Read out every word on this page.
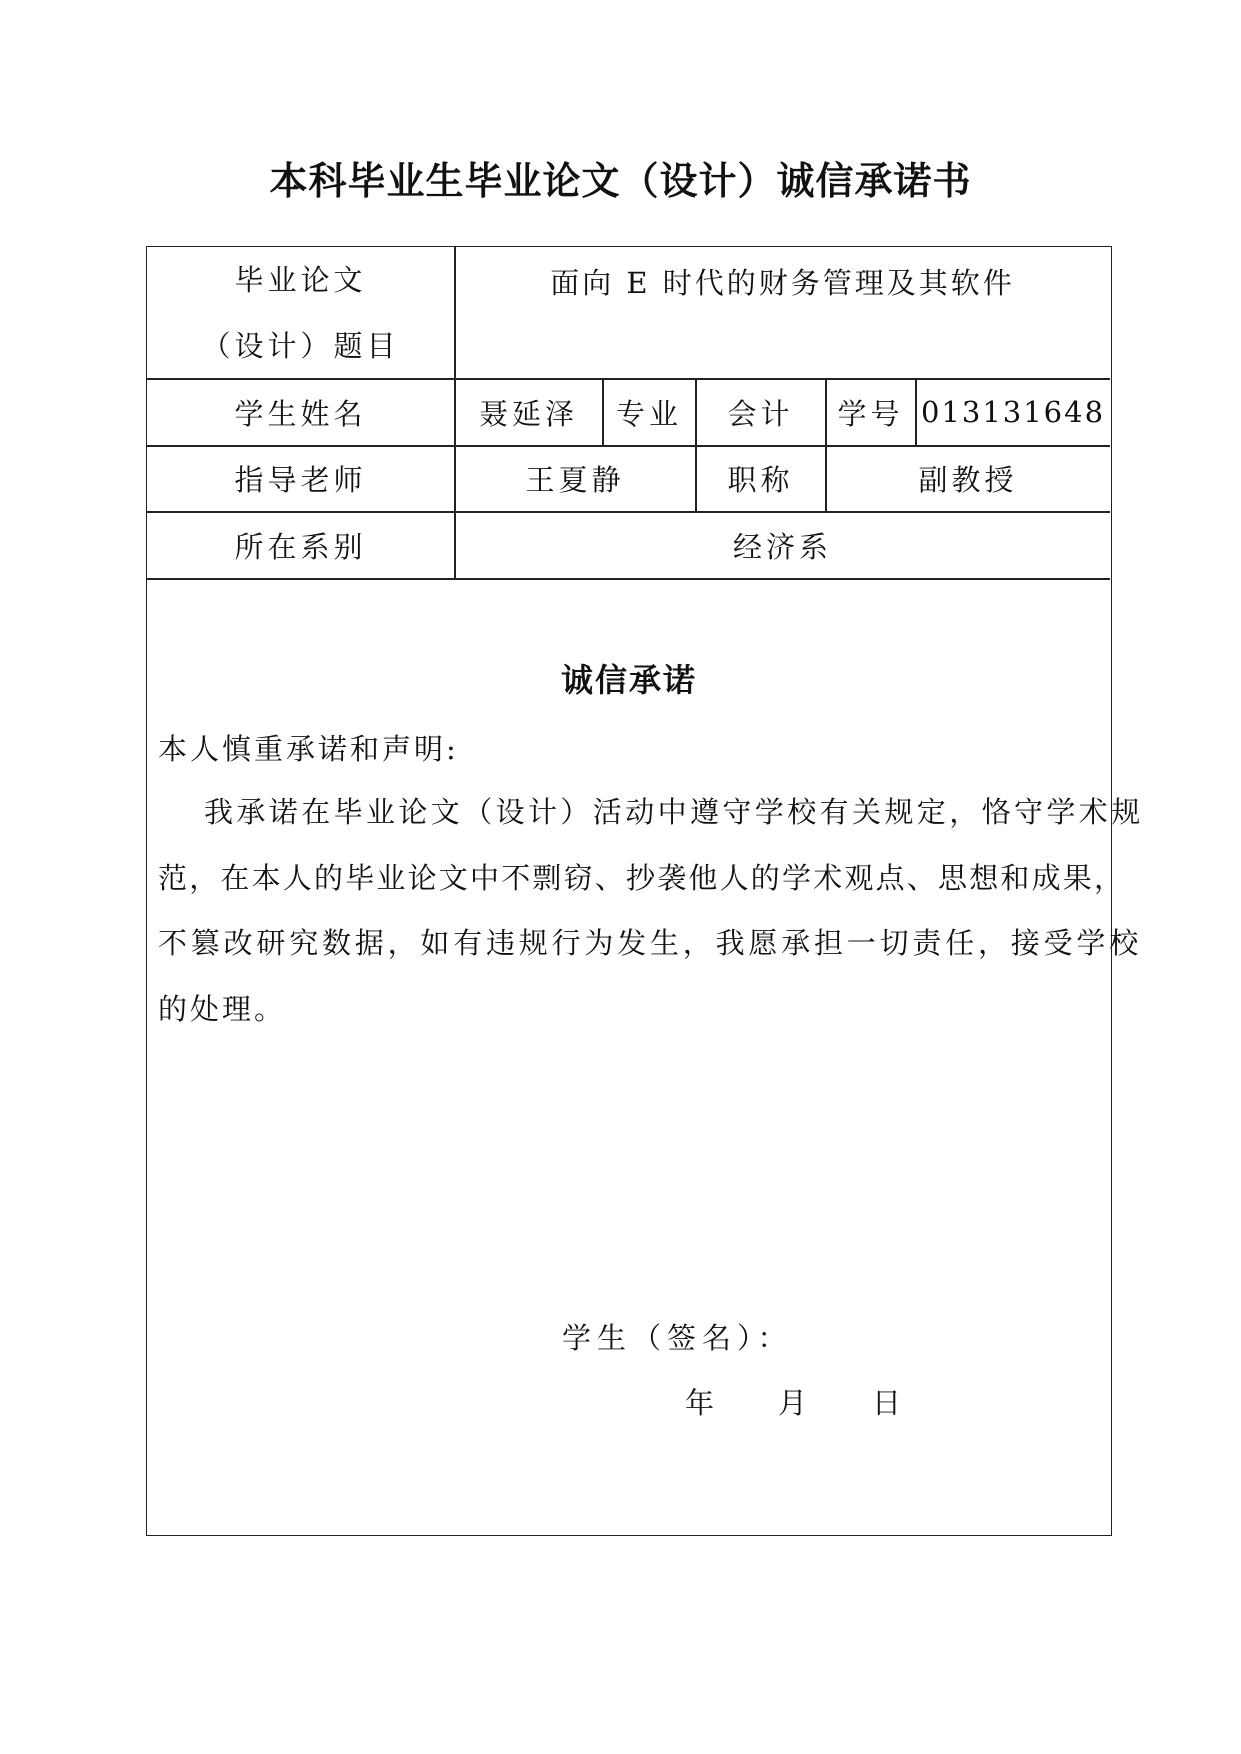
本科毕业生毕业论文（设计）诚信承诺书
毕业论文
（设计）题目
面向 E 时代的财务管理及其软件
学生姓名	聂延泽	专业	会计	学号 013131648
指导老师	王夏静	职称	副教授
所在系别	经济系
诚信承诺
本人慎重承诺和声明:
我承诺在毕业论文（设计）活动中遵守学校有关规定，恪守学术规
范，在本人的毕业论文中不剽窃、抄袭他人的学术观点、思想和成果，
不篡改研究数据，如有违规行为发生，我愿承担一切责任，接受学校
的处理。
学生（签名）：
年 月 日
